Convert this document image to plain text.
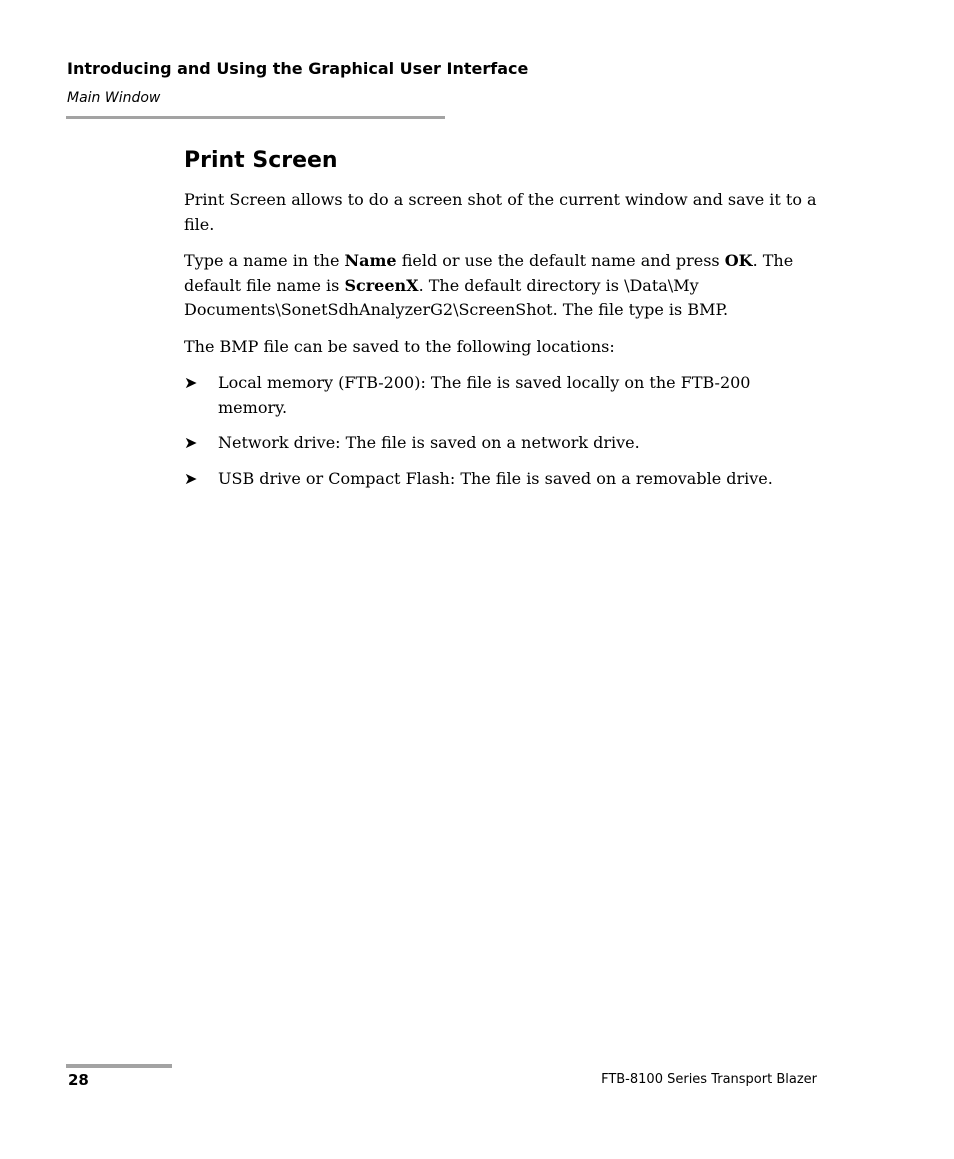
Introducing and Using the Graphical User Interface

Main Window

Print Screen

Print Screen allows to do a screen shot of the current window and save it to a file.

Type a name in the Name field or use the default name and press OK. The default file name is ScreenX. The default directory is \Data\My Documents\SonetSdhAnalyzerG2\ScreenShot. The file type is BMP.

The BMP file can be saved to the following locations:

➤	Local memory (FTB-200): The file is saved locally on the FTB-200 memory.
➤	Network drive: The file is saved on a network drive.
➤	USB drive or Compact Flash: The file is saved on a removable drive.
28	FTB-8100 Series Transport Blazer
